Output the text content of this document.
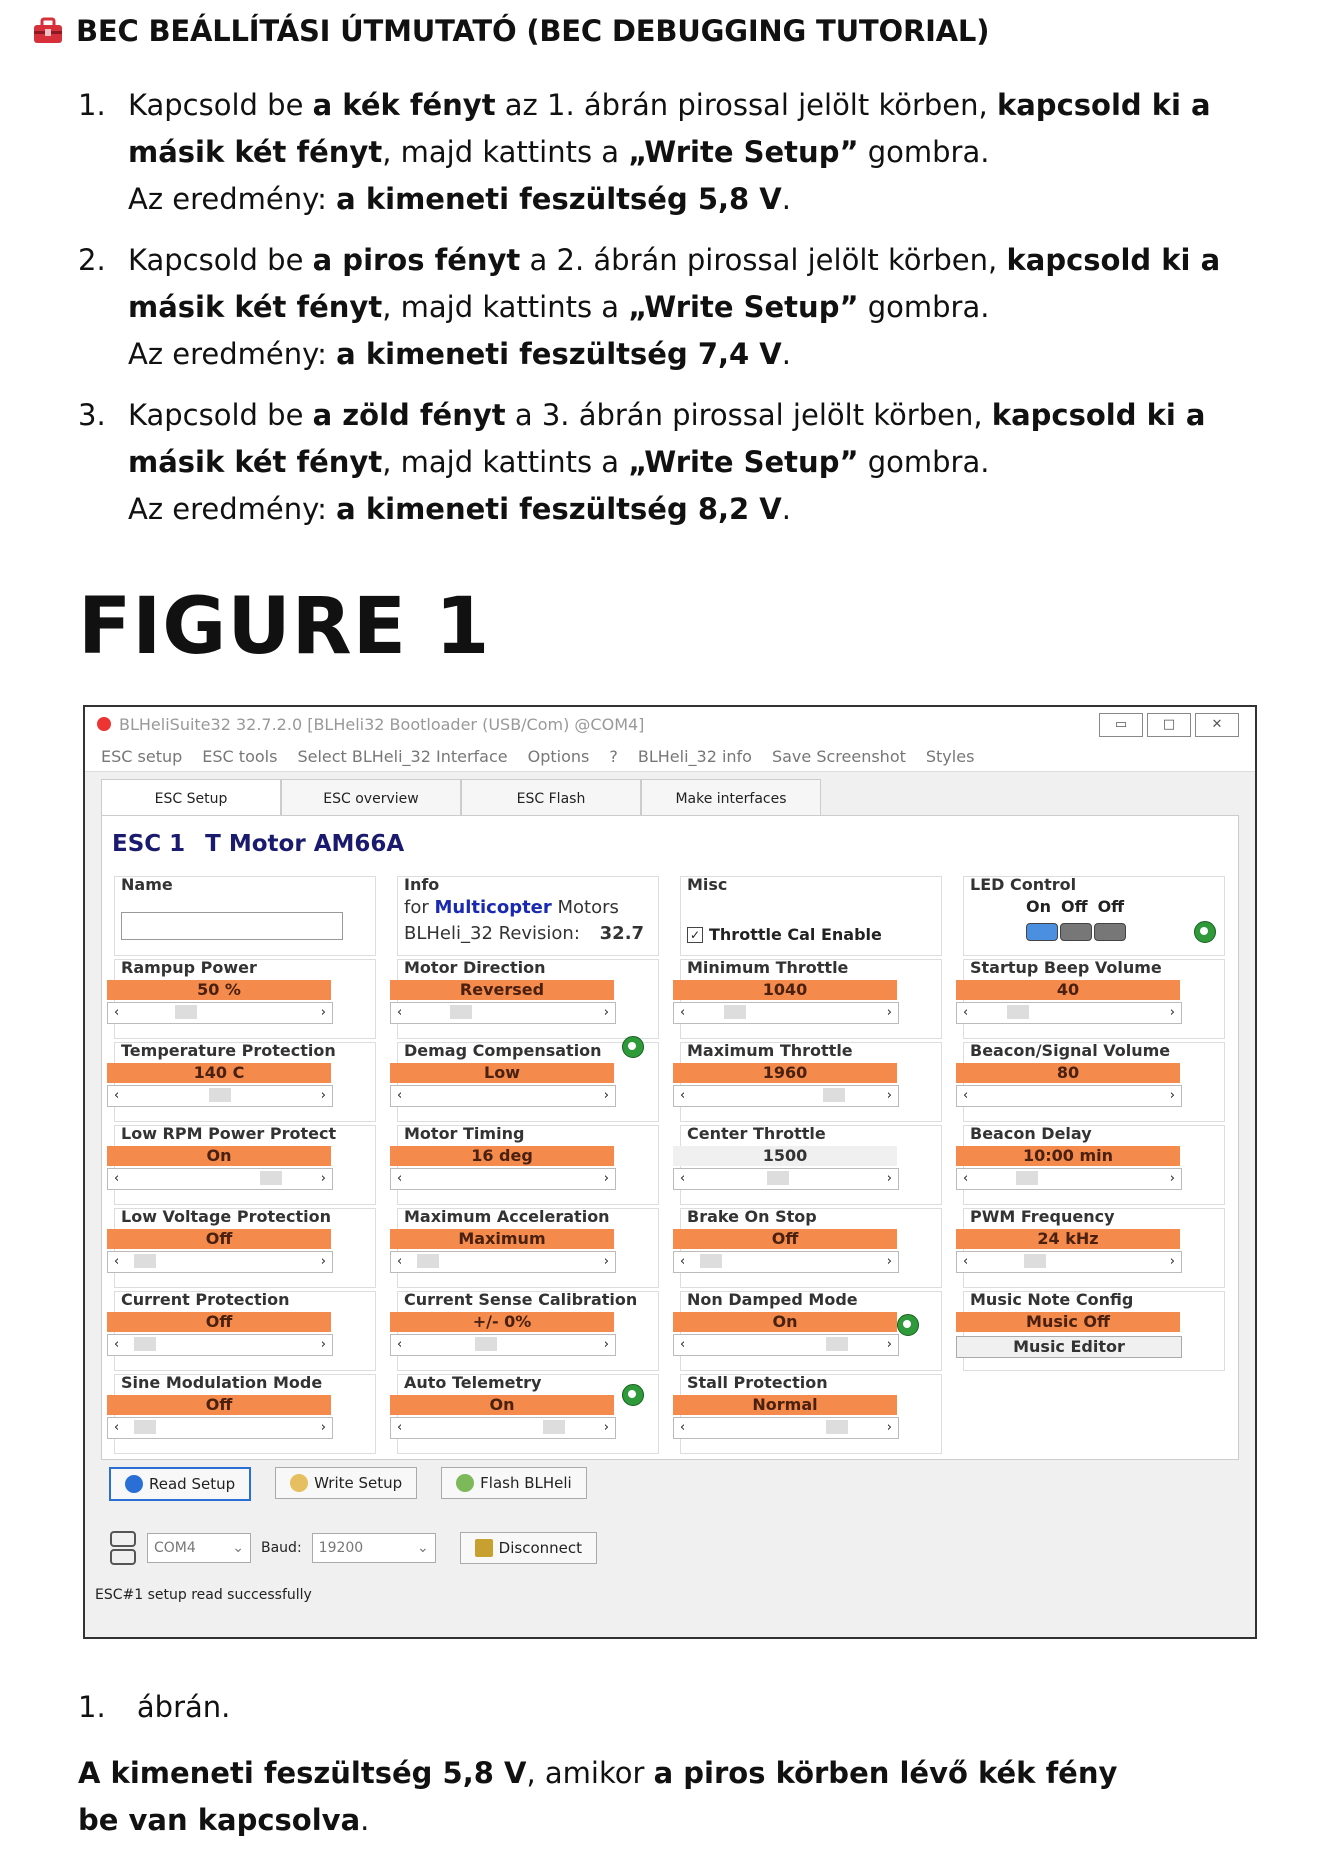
BEC BEÁLLÍTÁSI ÚTMUTATÓ (BEC DEBUGGING TUTORIAL)
1. Kapcsold be a kék fényt az 1. ábrán pirossal jelölt körben, kapcsold ki a másik két fényt, majd kattints a „Write Setup” gombra.
Az eredmény: a kimeneti feszültség 5,8 V.
2. Kapcsold be a piros fényt a 2. ábrán pirossal jelölt körben, kapcsold ki a másik két fényt, majd kattints a „Write Setup” gombra.
Az eredmény: a kimeneti feszültség 7,4 V.
3. Kapcsold be a zöld fényt a 3. ábrán pirossal jelölt körben, kapcsold ki a másik két fényt, majd kattints a „Write Setup” gombra.
Az eredmény: a kimeneti feszültség 8,2 V.
FIGURE 1
BLHeliSuite32 32.7.2.0 [BLHeli32 Bootloader (USB/Com) @COM4]	▭	□	✕
ESC setup ESC tools Select BLHeli_32 Interface Options ? BLHeli_32 info Save Screenshot Styles
ESC Setup	ESC overview	ESC Flash	Make interfaces
ESC 1 T Motor AM66A
Name	Info
for Multicopter Motors
BLHeli_32 Revision: 32.7
Misc
✓ Throttle Cal Enable
LED Control
On Off Off
Rampup Power
50 %
‹	›
Motor Direction
Reversed
‹	›
Minimum Throttle
1040
‹	›
Startup Beep Volume
40
‹	›
Temperature Protection
140 C
‹	›
Demag Compensation
Low
‹	›
Maximum Throttle
1960
‹	›
Beacon/Signal Volume
80
‹	›
Low RPM Power Protect
On
‹	›
Motor Timing
16 deg
‹	›
Center Throttle
1500
‹	›
Beacon Delay
10:00 min
‹	›
Low Voltage Protection
Off
‹	›
Maximum Acceleration
Maximum
‹	›
Brake On Stop
Off
‹	›
PWM Frequency
24 kHz
‹	›
Current Protection
Off
‹	›
Current Sense Calibration
+/- 0%
‹	›
Non Damped Mode
On
‹	›
Music Note Config
Music Off
Music Editor
Sine Modulation Mode
Off
‹	›
Auto Telemetry
On
‹	›
Stall Protection
Normal
‹	›
Read Setup	Write Setup	Flash BLHeli
COM4	⌄ Baud: 19200	⌄	Disconnect
ESC#1 setup read successfully
1. ábrán.
A kimeneti feszültség 5,8 V, amikor a piros körben lévő kék fény be van kapcsolva.
